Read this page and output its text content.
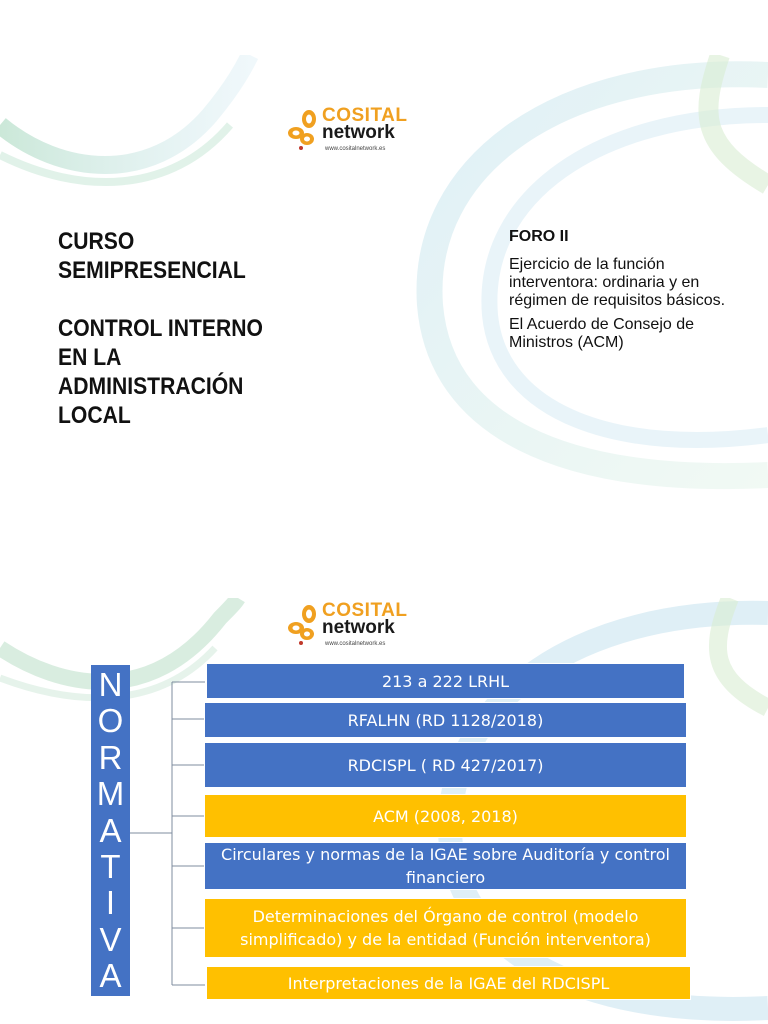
COSITAL
network
www.cositalnetwork.es
CURSO
SEMIPRESENCIAL
CONTROL INTERNO
EN LA
ADMINISTRACIÓN
LOCAL
FORO II
Ejercicio de la función interventora: ordinaria y en régimen de requisitos básicos.
El Acuerdo de Consejo de Ministros (ACM)
COSITAL
network
www.cositalnetwork.es
N
O
R
M
A
T
I
V
A
213 a 222 LRHL
RFALHN (RD 1128/2018)
RDCISPL ( RD 427/2017)
ACM (2008, 2018)
Circulares y normas de la IGAE sobre Auditoría y control financiero
Determinaciones del Órgano de control (modelo simplificado) y de la entidad (Función interventora)
Interpretaciones de la IGAE del RDCISPL
